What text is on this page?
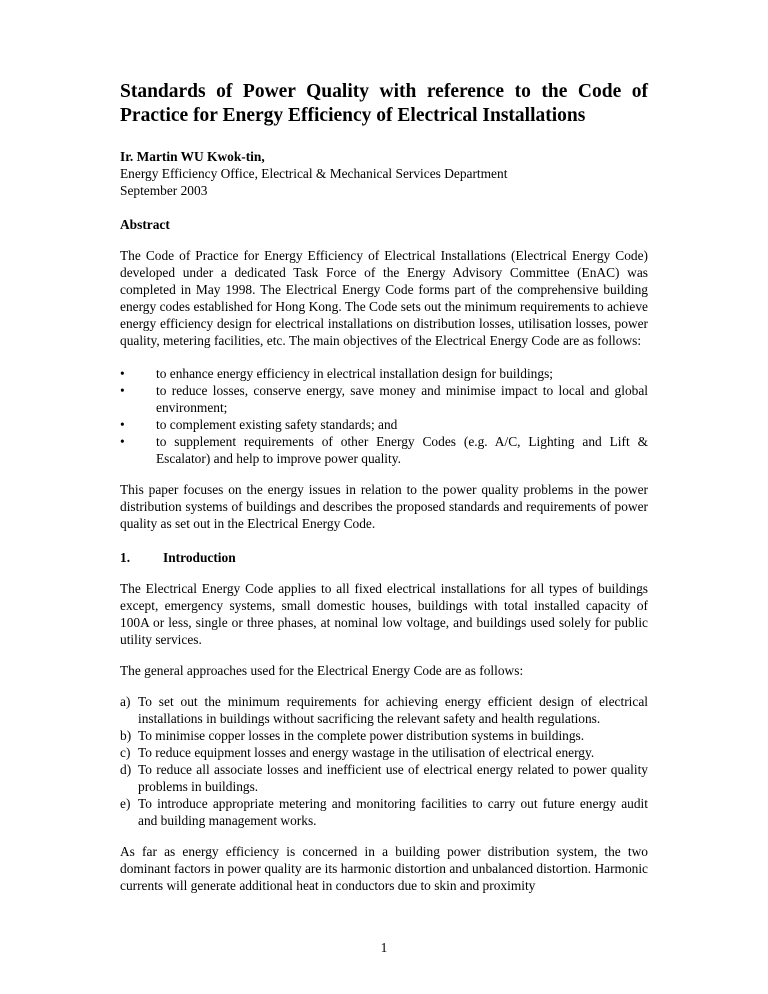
Standards of Power Quality with reference to the Code of Practice for Energy Efficiency of Electrical Installations
Ir. Martin WU Kwok-tin,
Energy Efficiency Office, Electrical & Mechanical Services Department
September 2003
Abstract

The Code of Practice for Energy Efficiency of Electrical Installations (Electrical Energy Code) developed under a dedicated Task Force of the Energy Advisory Committee (EnAC) was completed in May 1998. The Electrical Energy Code forms part of the comprehensive building energy codes established for Hong Kong. The Code sets out the minimum requirements to achieve energy efficiency design for electrical installations on distribution losses, utilisation losses, power quality, metering facilities, etc. The main objectives of the Electrical Energy Code are as follows:

• to enhance energy efficiency in electrical installation design for buildings;
• to reduce losses, conserve energy, save money and minimise impact to local and global environment;
• to complement existing safety standards; and
• to supplement requirements of other Energy Codes (e.g. A/C, Lighting and Lift & Escalator) and help to improve power quality.

This paper focuses on the energy issues in relation to the power quality problems in the power distribution systems of buildings and describes the proposed standards and requirements of power quality as set out in the Electrical Energy Code.

1.	Introduction

The Electrical Energy Code applies to all fixed electrical installations for all types of buildings except, emergency systems, small domestic houses, buildings with total installed capacity of 100A or less, single or three phases, at nominal low voltage, and buildings used solely for public utility services.

The general approaches used for the Electrical Energy Code are as follows:

a) To set out the minimum requirements for achieving energy efficient design of electrical installations in buildings without sacrificing the relevant safety and health regulations.
b) To minimise copper losses in the complete power distribution systems in buildings.
c) To reduce equipment losses and energy wastage in the utilisation of electrical energy.
d) To reduce all associate losses and inefficient use of electrical energy related to power quality problems in buildings.
e) To introduce appropriate metering and monitoring facilities to carry out future energy audit and building management works.

As far as energy efficiency is concerned in a building power distribution system, the two dominant factors in power quality are its harmonic distortion and unbalanced distortion. Harmonic currents will generate additional heat in conductors due to skin and proximity

1
